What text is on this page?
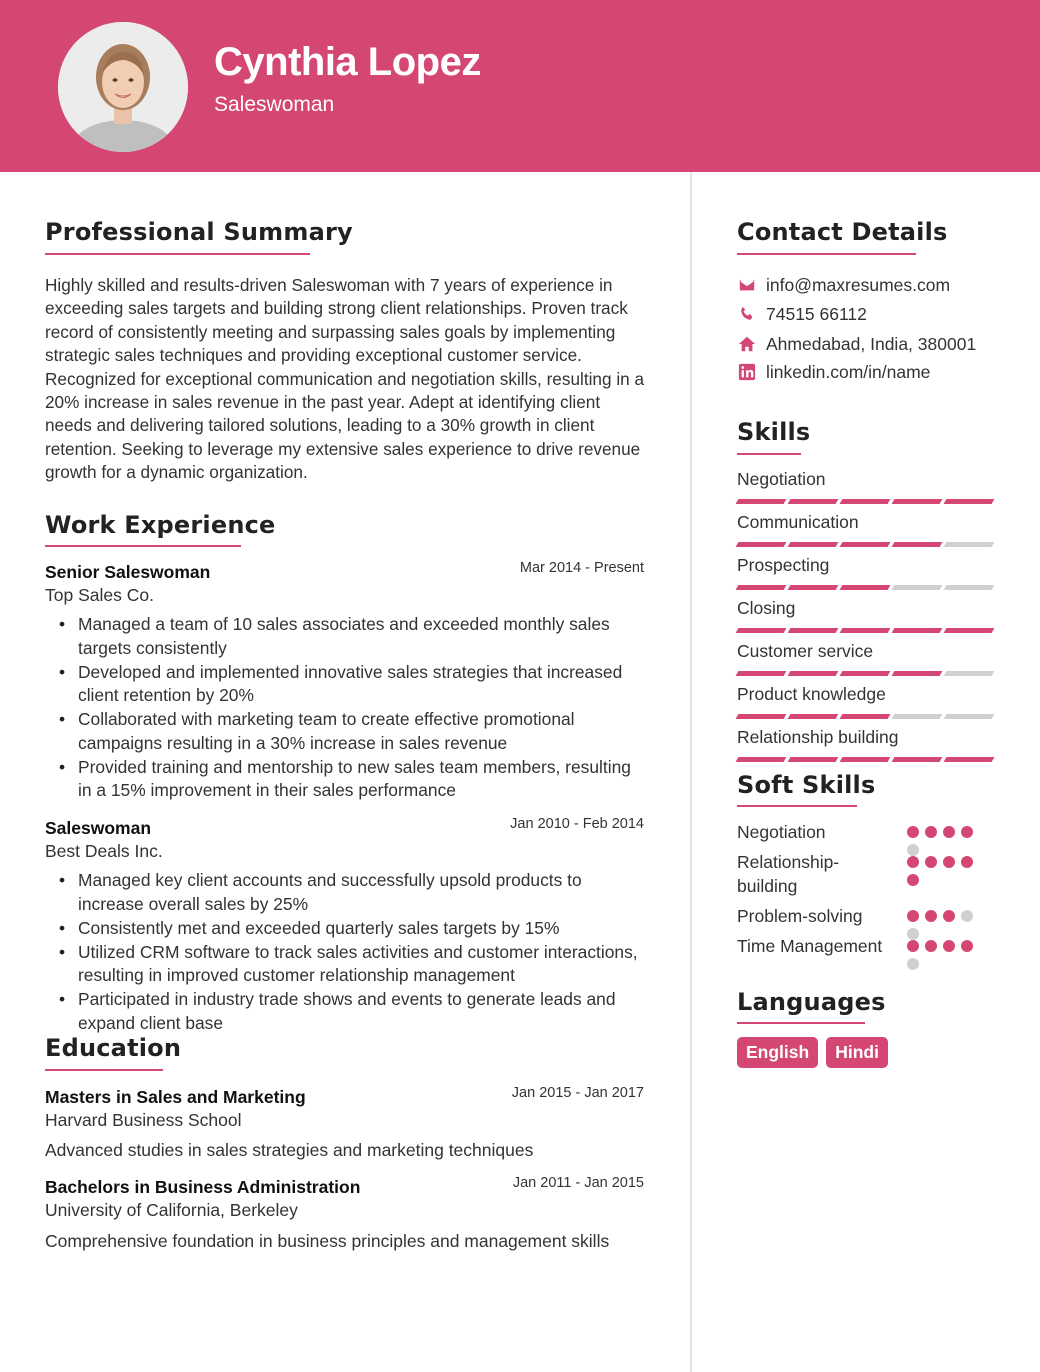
Cynthia Lopez
Saleswoman
Professional Summary
Highly skilled and results-driven Saleswoman with 7 years of experience in exceeding sales targets and building strong client relationships. Proven track record of consistently meeting and surpassing sales goals by implementing strategic sales techniques and providing exceptional customer service. Recognized for exceptional communication and negotiation skills, resulting in a 20% increase in sales revenue in the past year. Adept at identifying client needs and delivering tailored solutions, leading to a 30% growth in client retention. Seeking to leverage my extensive sales experience to drive revenue growth for a dynamic organization.
Work Experience
Senior Saleswoman	Mar 2014 - Present
Top Sales Co.
• Managed a team of 10 sales associates and exceeded monthly sales targets consistently
• Developed and implemented innovative sales strategies that increased client retention by 20%
• Collaborated with marketing team to create effective promotional campaigns resulting in a 30% increase in sales revenue
• Provided training and mentorship to new sales team members, resulting in a 15% improvement in their sales performance
Saleswoman	Jan 2010 - Feb 2014
Best Deals Inc.
• Managed key client accounts and successfully upsold products to increase overall sales by 25%
• Consistently met and exceeded quarterly sales targets by 15%
• Utilized CRM software to track sales activities and customer interactions, resulting in improved customer relationship management
• Participated in industry trade shows and events to generate leads and expand client base
Education
Masters in Sales and Marketing	Jan 2015 - Jan 2017
Harvard Business School
Advanced studies in sales strategies and marketing techniques
Bachelors in Business Administration	Jan 2011 - Jan 2015
University of California, Berkeley
Comprehensive foundation in business principles and management skills
Contact Details
info@maxresumes.com
74515 66112
Ahmedabad, India, 380001
linkedin.com/in/name
Skills
Negotiation
Communication
Prospecting
Closing
Customer service
Product knowledge
Relationship building
Soft Skills
Negotiation
Relationship-building
Problem-solving
Time Management
Languages
English	Hindi
